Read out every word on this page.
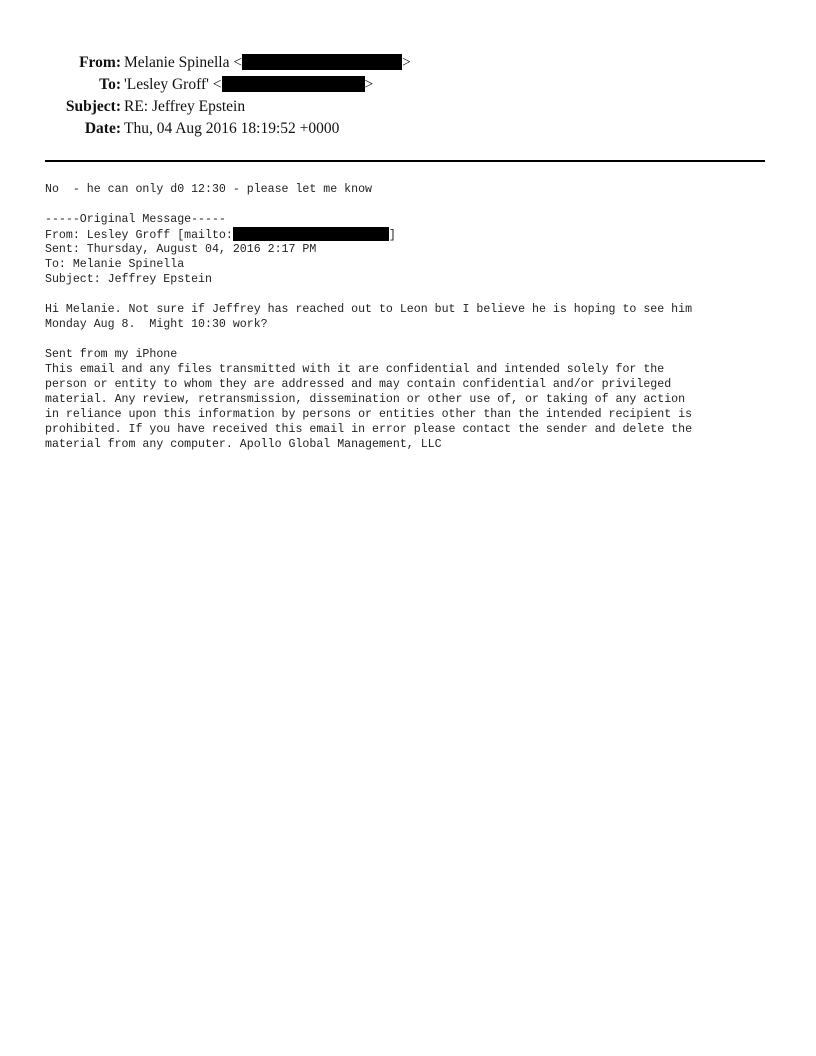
From: Melanie Spinella <	>
To: 'Lesley Groff' <	>
Subject: RE: Jeffrey Epstein
Date: Thu, 04 Aug 2016 18:19:52 +0000
No  - he can only d0 12:30 - please let me know
-----Original Message-----
From: Lesley Groff [mailto:	]
Sent: Thursday, August 04, 2016 2:17 PM
To: Melanie Spinella
Subject: Jeffrey Epstein
Hi Melanie. Not sure if Jeffrey has reached out to Leon but I believe he is hoping to see him
Monday Aug 8.  Might 10:30 work?
Sent from my iPhone
This email and any files transmitted with it are confidential and intended solely for the
person or entity to whom they are addressed and may contain confidential and/or privileged
material. Any review, retransmission, dissemination or other use of, or taking of any action
in reliance upon this information by persons or entities other than the intended recipient is
prohibited. If you have received this email in error please contact the sender and delete the
material from any computer. Apollo Global Management, LLC
